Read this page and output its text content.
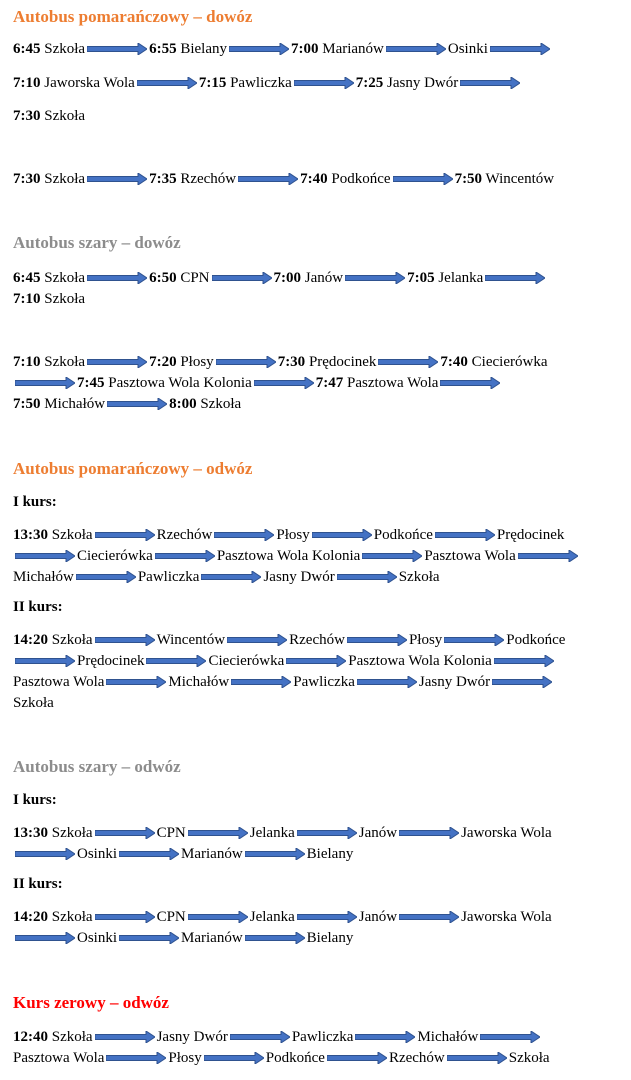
Autobus pomarańczowy – dowóz
6:45 Szkoła	6:55 Bielany	7:00 Marianów	Osinki
7:10 Jaworska Wola	7:15 Pawliczka	7:25 Jasny Dwór
7:30 Szkoła
7:30 Szkoła	7:35 Rzechów	7:40 Podkońce	7:50 Wincentów
Autobus szary – dowóz
6:45 Szkoła	6:50 CPN	7:00 Janów	7:05 Jelanka
7:10 Szkoła
7:10 Szkoła	7:20 Płosy	7:30 Prędocinek	7:40 Ciecierówka
7:45 Pasztowa Wola Kolonia	7:47 Pasztowa Wola
7:50 Michałów	8:00 Szkoła
Autobus pomarańczowy – odwóz
I kurs:
13:30 Szkoła	Rzechów	Płosy	Podkońce	Prędocinek
Ciecierówka	Pasztowa Wola Kolonia	Pasztowa Wola
Michałów	Pawliczka	Jasny Dwór	Szkoła
II kurs:
14:20 Szkoła	Wincentów	Rzechów	Płosy	Podkońce
Prędocinek	Ciecierówka	Pasztowa Wola Kolonia
Pasztowa Wola	Michałów	Pawliczka	Jasny Dwór
Szkoła
Autobus szary – odwóz
I kurs:
13:30 Szkoła	CPN	Jelanka	Janów	Jaworska Wola
Osinki	Marianów	Bielany
II kurs:
14:20 Szkoła	CPN	Jelanka	Janów	Jaworska Wola
Osinki	Marianów	Bielany
Kurs zerowy – odwóz
12:40 Szkoła	Jasny Dwór	Pawliczka	Michałów
Pasztowa Wola	Płosy	Podkońce	Rzechów	Szkoła
